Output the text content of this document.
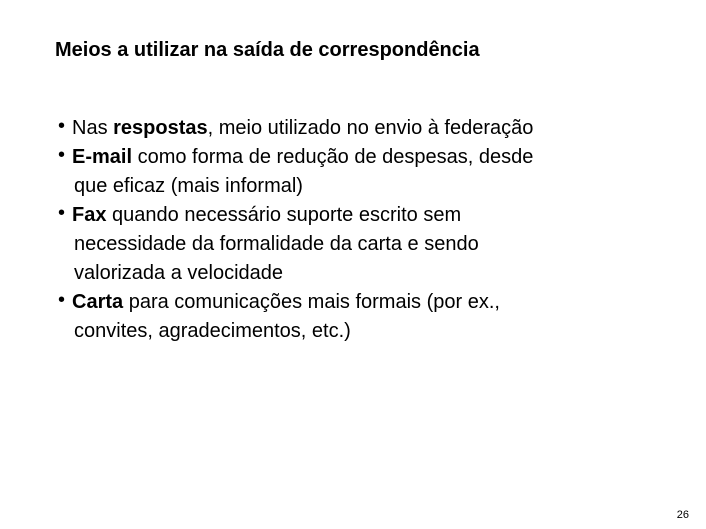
Meios a utilizar na saída de correspondência
• Nas respostas, meio utilizado no envio à federação
• E-mail como forma de redução de despesas, desde
que eficaz (mais informal)
• Fax quando necessário suporte escrito sem
necessidade da formalidade da carta e sendo
valorizada a velocidade
• Carta para comunicações mais formais (por ex.,
convites, agradecimentos, etc.)
26
